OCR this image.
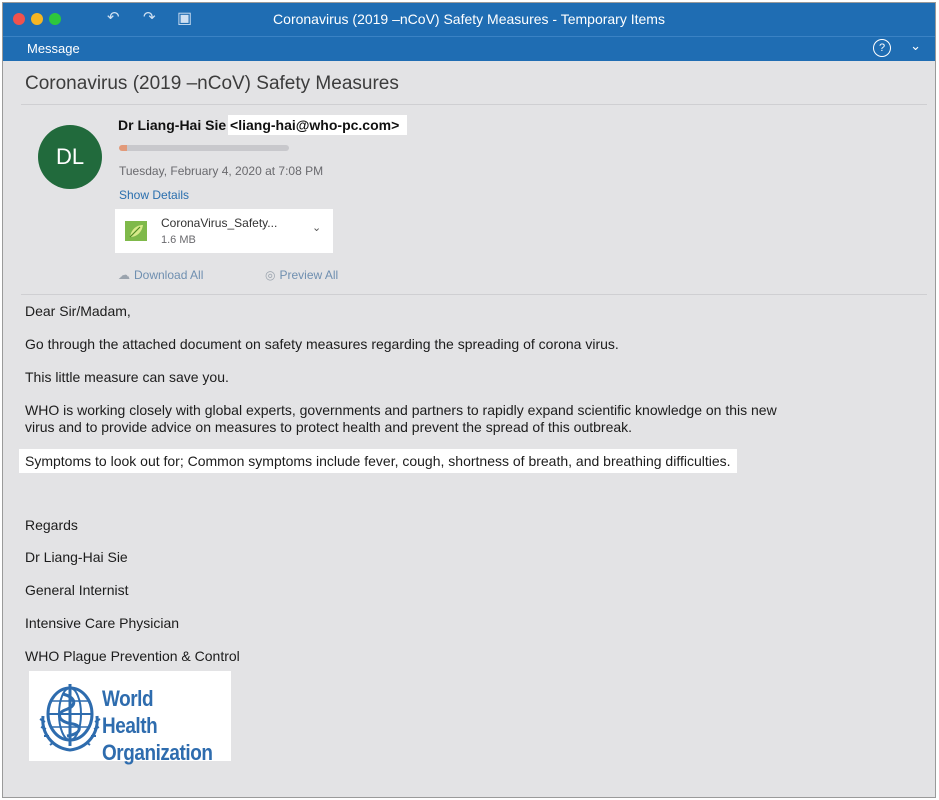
↶ ↷ ▣	Coronavirus (2019 –nCoV) Safety Measures - Temporary Items
Message	?	⌄
Coronavirus (2019 –nCoV) Safety Measures
DL
Dr Liang-Hai Sie <liang-hai@who-pc.com>
Tuesday, February 4, 2020 at 7:08 PM
Show Details
CoronaVirus_Safety...
1.6 MB
⌄
☁ Download All	◎ Preview All
Dear Sir/Madam,
Go through the attached document on safety measures regarding the spreading of corona virus.
This little measure can save you.
WHO is working closely with global experts, governments and partners to rapidly expand scientific knowledge on this new
virus and to provide advice on measures to protect health and prevent the spread of this outbreak.
Symptoms to look out for; Common symptoms include fever, cough, shortness of breath, and breathing difficulties.
Regards
Dr Liang-Hai Sie
General Internist
Intensive Care Physician
WHO Plague Prevention & Control
World Health
Organization
